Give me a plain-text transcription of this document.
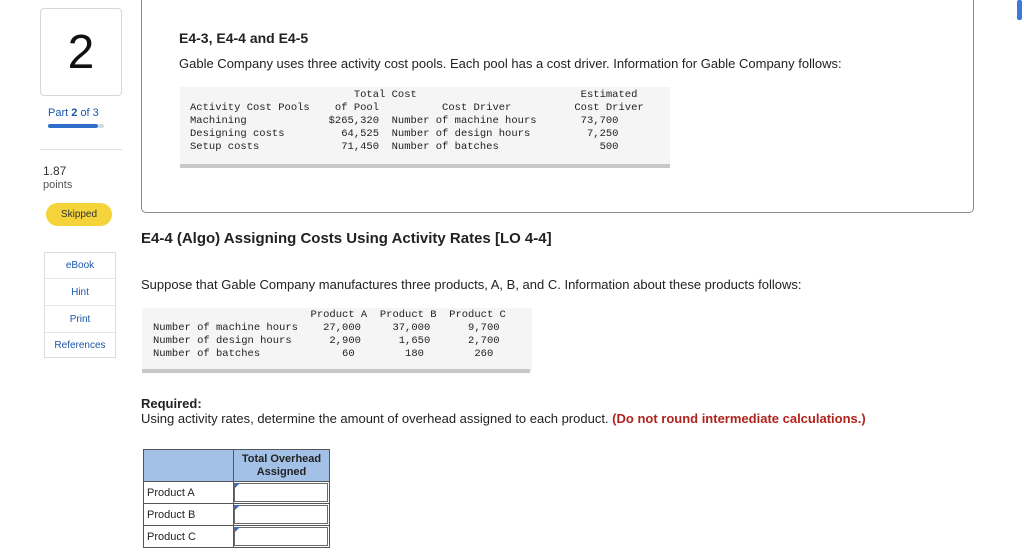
2
Part 2 of 3
1.87
points
Skipped
eBook
Hint
Print
References
E4-3, E4-4 and E4-5
Gable Company uses three activity cost pools. Each pool has a cost driver. Information for Gable Company follows:
Total Cost                          Estimated
Activity Cost Pools    of Pool          Cost Driver          Cost Driver
Machining             $265,320  Number of machine hours       73,700
Designing costs         64,525  Number of design hours         7,250
Setup costs             71,450  Number of batches                500
E4-4 (Algo) Assigning Costs Using Activity Rates [LO 4-4]
Suppose that Gable Company manufactures three products, A, B, and C. Information about these products follows:
Product A  Product B  Product C
Number of machine hours    27,000     37,000      9,700
Number of design hours      2,900      1,650      2,700
Number of batches             60        180        260
Required:
Using activity rates, determine the amount of overhead assigned to each product. (Do not round intermediate calculations.)
	Total Overhead
Assigned
Product A	

Product B	

Product C	
